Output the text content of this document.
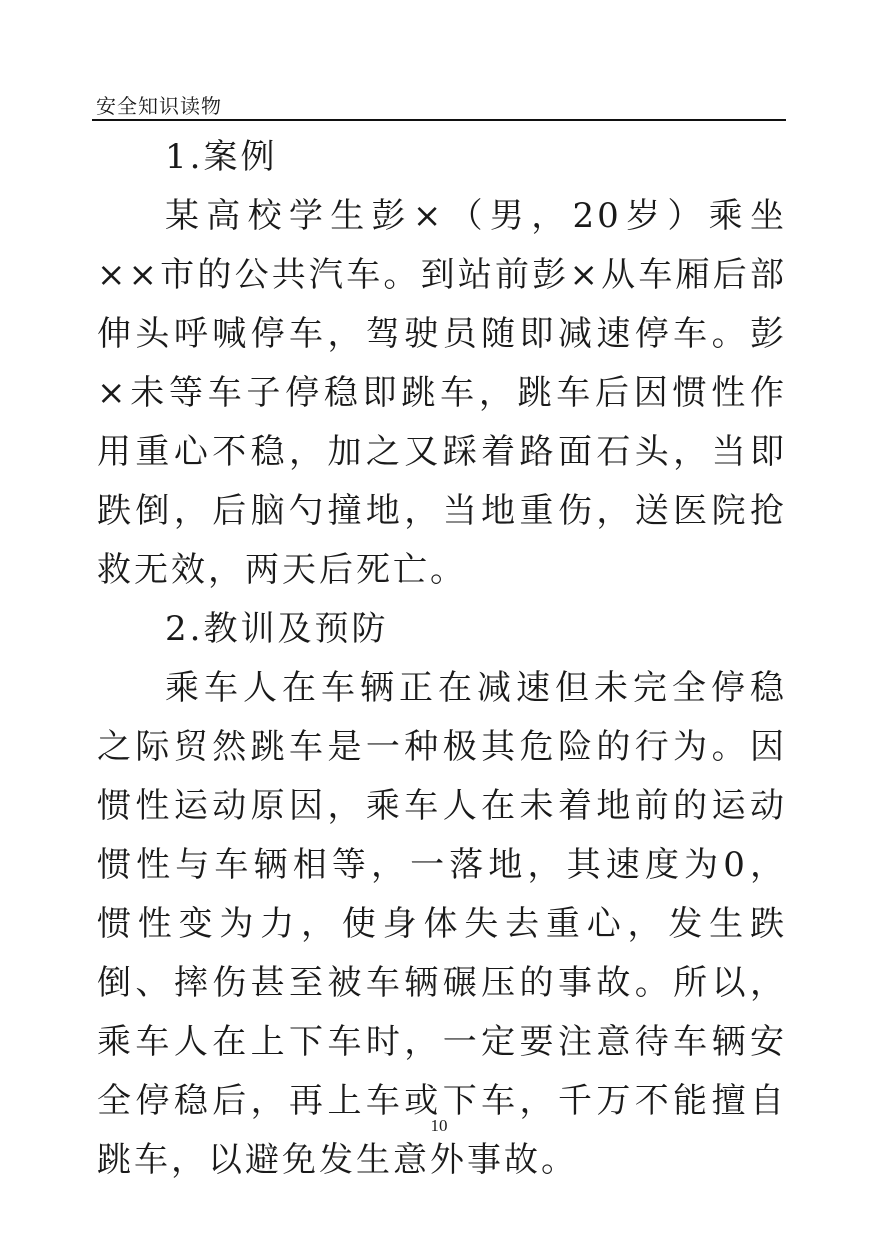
安全知识读物

1.案例

某高校学生彭×（男，20岁）乘坐××市的公共汽车。到站前彭×从车厢后部伸头呼喊停车，驾驶员随即减速停车。彭×未等车子停稳即跳车，跳车后因惯性作用重心不稳，加之又踩着路面石头，当即跌倒，后脑勺撞地，当地重伤，送医院抢救无效，两天后死亡。

2.教训及预防

乘车人在车辆正在减速但未完全停稳之际贸然跳车是一种极其危险的行为。因惯性运动原因，乘车人在未着地前的运动惯性与车辆相等，一落地，其速度为0，惯性变为力，使身体失去重心，发生跌倒、摔伤甚至被车辆碾压的事故。所以，乘车人在上下车时，一定要注意待车辆安全停稳后，再上车或下车，千万不能擅自跳车，以避免发生意外事故。

10
